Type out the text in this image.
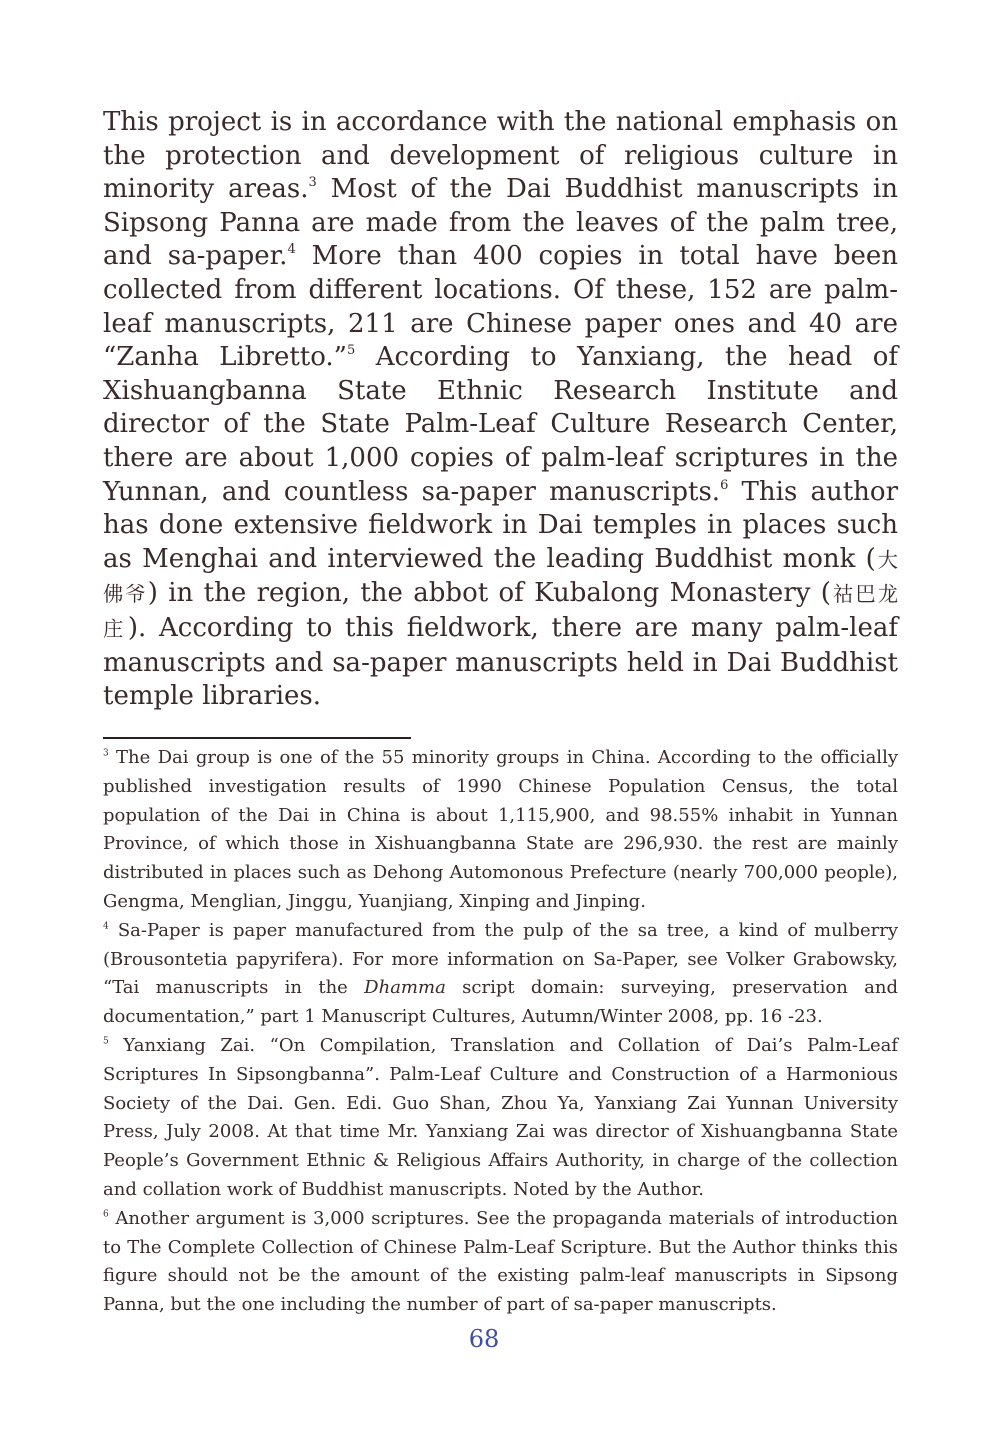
This project is in accordance with the national emphasis on the protection and development of religious culture in minority areas.$^3$ Most of the Dai Buddhist manuscripts in Sipsong Panna are made from the leaves of the palm tree, and sa-paper.$^4$ More than 400 copies in total have been collected from different locations. Of these, 152 are palm-leaf manuscripts, 211 are Chinese paper ones and 40 are “Zanha Libretto.”$^5$ According to Yanxiang, the head of Xishuangbanna State Ethnic Research Institute and director of the State Palm-Leaf Culture Research Center, there are about 1,000 copies of palm-leaf scriptures in the Yunnan, and countless sa-paper manuscripts.$^6$ This author has done extensive fieldwork in Dai temples in places such as Menghai and interviewed the leading Buddhist monk (大佛爷) in the region, the abbot of Kubalong Monastery (祜巴龙庄). According to this fieldwork, there are many palm-leaf manuscripts and sa-paper manuscripts held in Dai Buddhist temple libraries.

$^3$ The Dai group is one of the 55 minority groups in China. According to the officially published investigation results of 1990 Chinese Population Census, the total population of the Dai in China is about 1,115,900, and 98.55% inhabit in Yunnan Province, of which those in Xishuangbanna State are 296,930. the rest are mainly distributed in places such as Dehong Automonous Prefecture (nearly 700,000 people), Gengma, Menglian, Jinggu, Yuanjiang, Xinping and Jinping.

$^4$ Sa-Paper is paper manufactured from the pulp of the sa tree, a kind of mulberry (Brousontetia papyrifera). For more information on Sa-Paper, see Volker Grabowsky, “Tai manuscripts in the Dhamma script domain: surveying, preservation and documentation,” part 1 Manuscript Cultures, Autumn/Winter 2008, pp. 16 -23.

$^5$ Yanxiang Zai. “On Compilation, Translation and Collation of Dai’s Palm-Leaf Scriptures In Sipsongbanna”. Palm-Leaf Culture and Construction of a Harmonious Society of the Dai. Gen. Edi. Guo Shan, Zhou Ya, Yanxiang Zai Yunnan University Press, July 2008. At that time Mr. Yanxiang Zai was director of Xishuangbanna State People’s Government Ethnic & Religious Affairs Authority, in charge of the collection and collation work of Buddhist manuscripts. Noted by the Author.

$^6$ Another argument is 3,000 scriptures. See the propaganda materials of introduction to The Complete Collection of Chinese Palm-Leaf Scripture. But the Author thinks this figure should not be the amount of the existing palm-leaf manuscripts in Sipsong Panna, but the one including the number of part of sa-paper manuscripts.

68
